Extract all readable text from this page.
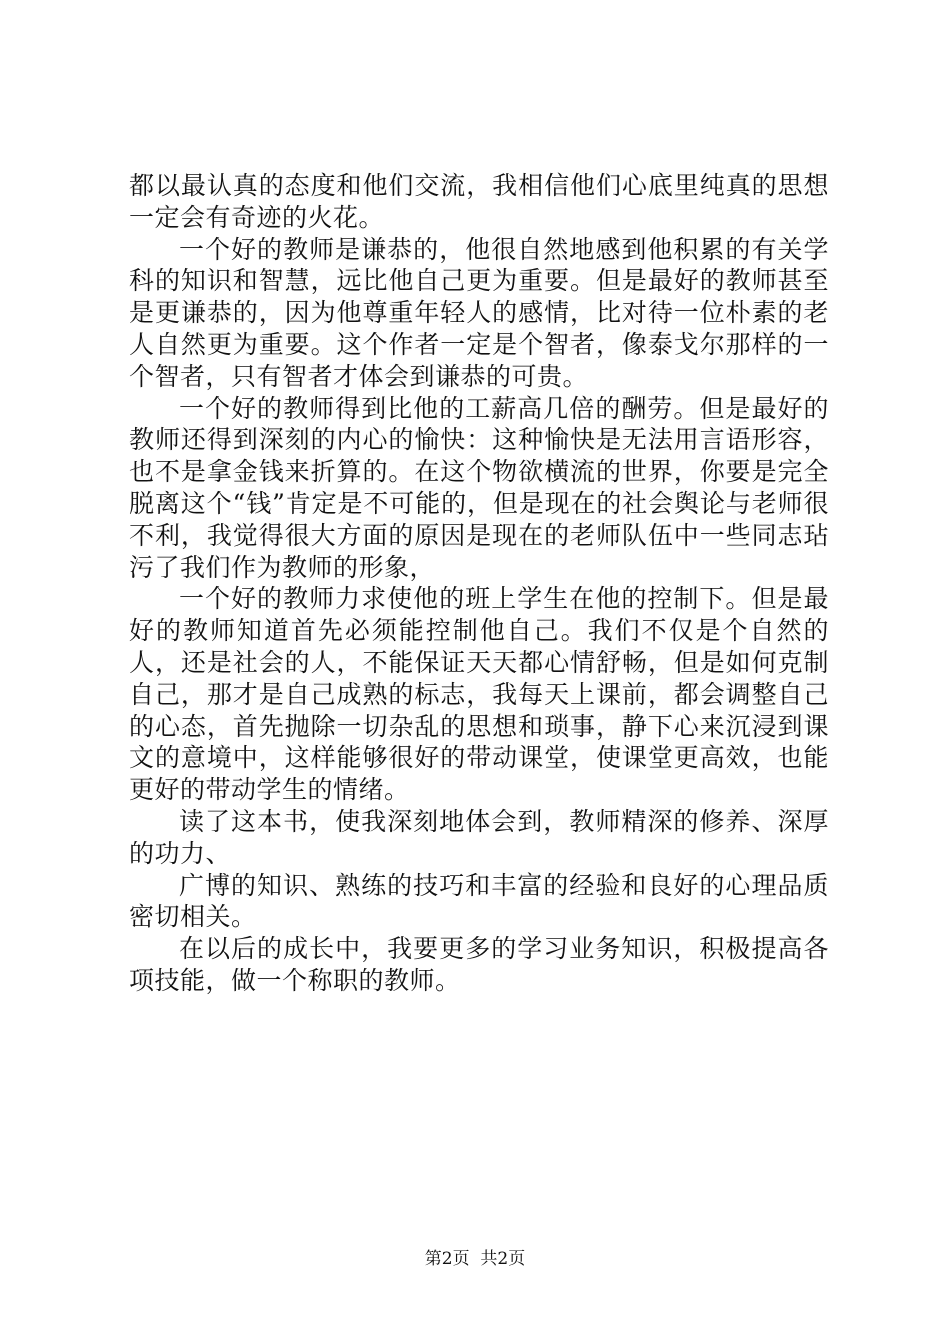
都以最认真的态度和他们交流，我相信他们心底里纯真的思想一定会有奇迹的火花。

一个好的教师是谦恭的，他很自然地感到他积累的有关学科的知识和智慧，远比他自己更为重要。但是最好的教师甚至是更谦恭的，因为他尊重年轻人的感情，比对待一位朴素的老人自然更为重要。这个作者一定是个智者，像泰戈尔那样的一个智者，只有智者才体会到谦恭的可贵。

一个好的教师得到比他的工薪高几倍的酬劳。但是最好的教师还得到深刻的内心的愉快：这种愉快是无法用言语形容，也不是拿金钱来折算的。在这个物欲横流的世界，你要是完全脱离这个“钱”肯定是不可能的，但是现在的社会舆论与老师很不利，我觉得很大方面的原因是现在的老师队伍中一些同志玷污了我们作为教师的形象，

一个好的教师力求使他的班上学生在他的控制下。但是最好的教师知道首先必须能控制他自己。我们不仅是个自然的人，还是社会的人，不能保证天天都心情舒畅，但是如何克制自己，那才是自己成熟的标志，我每天上课前，都会调整自己的心态，首先抛除一切杂乱的思想和琐事，静下心来沉浸到课文的意境中，这样能够很好的带动课堂，使课堂更高效，也能更好的带动学生的情绪。

读了这本书，使我深刻地体会到，教师精深的修养、深厚的功力、

广博的知识、熟练的技巧和丰富的经验和良好的心理品质密切相关。

在以后的成长中，我要更多的学习业务知识，积极提高各项技能，做一个称职的教师。

第2页  共2页
